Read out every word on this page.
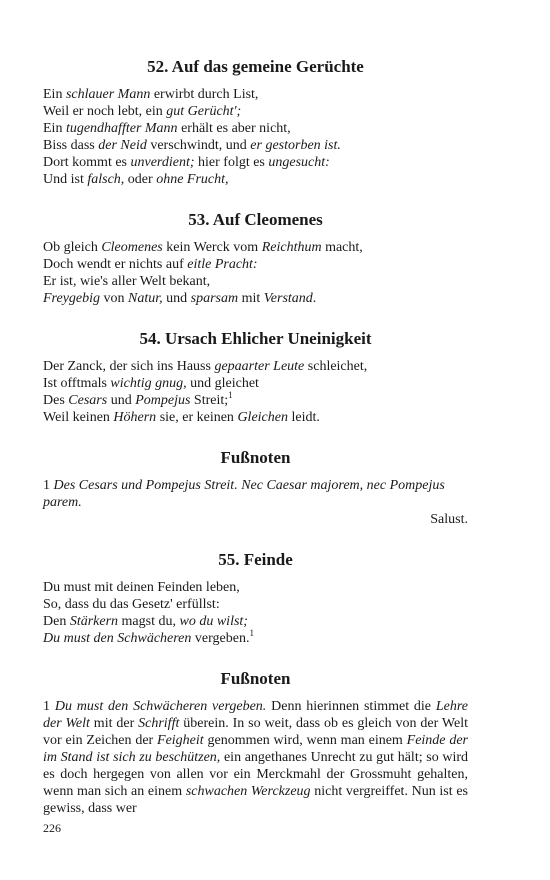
52. Auf das gemeine Gerüchte
Ein schlauer Mann erwirbt durch List,
Weil er noch lebt, ein gut Gerücht';
Ein tugendhaffter Mann erhält es aber nicht,
Biss dass der Neid verschwindt, und er gestorben ist.
Dort kommt es unverdient; hier folgt es ungesucht:
Und ist falsch, oder ohne Frucht,
53. Auf Cleomenes
Ob gleich Cleomenes kein Werck vom Reichthum macht,
Doch wendt er nichts auf eitle Pracht:
Er ist, wie's aller Welt bekant,
Freygebig von Natur, und sparsam mit Verstand.
54. Ursach Ehlicher Uneinigkeit
Der Zanck, der sich ins Hauss gepaarter Leute schleichet,
Ist offtmals wichtig gnug, und gleichet
Des Cesars und Pompejus Streit;$^1$
Weil keinen Höhern sie, er keinen Gleichen leidt.
Fußnoten
1 Des Cesars und Pompejus Streit. Nec Caesar majorem, nec Pompejus
parem.

Salust.

55. Feinde
Du must mit deinen Feinden leben,
So, dass du das Gesetz' erfüllst:
Den Stärkern magst du, wo du wilst;
Du must den Schwächeren vergeben.$^1$
Fußnoten

1 Du must den Schwächeren vergeben. Denn hierinnen stimmet die Lehre der Welt mit der Schrifft überein. In so weit, dass ob es gleich von der Welt vor ein Zeichen der Feigheit genommen wird, wenn man einem Feinde der im Stand ist sich zu beschützen, ein angethanes Unrecht zu gut hält; so wird es doch hergegen von allen vor ein Merckmahl der Grossmuht gehalten, wenn man sich an einem schwachen Werckzeug nicht vergreiffet. Nun ist es gewiss, dass wer

226
